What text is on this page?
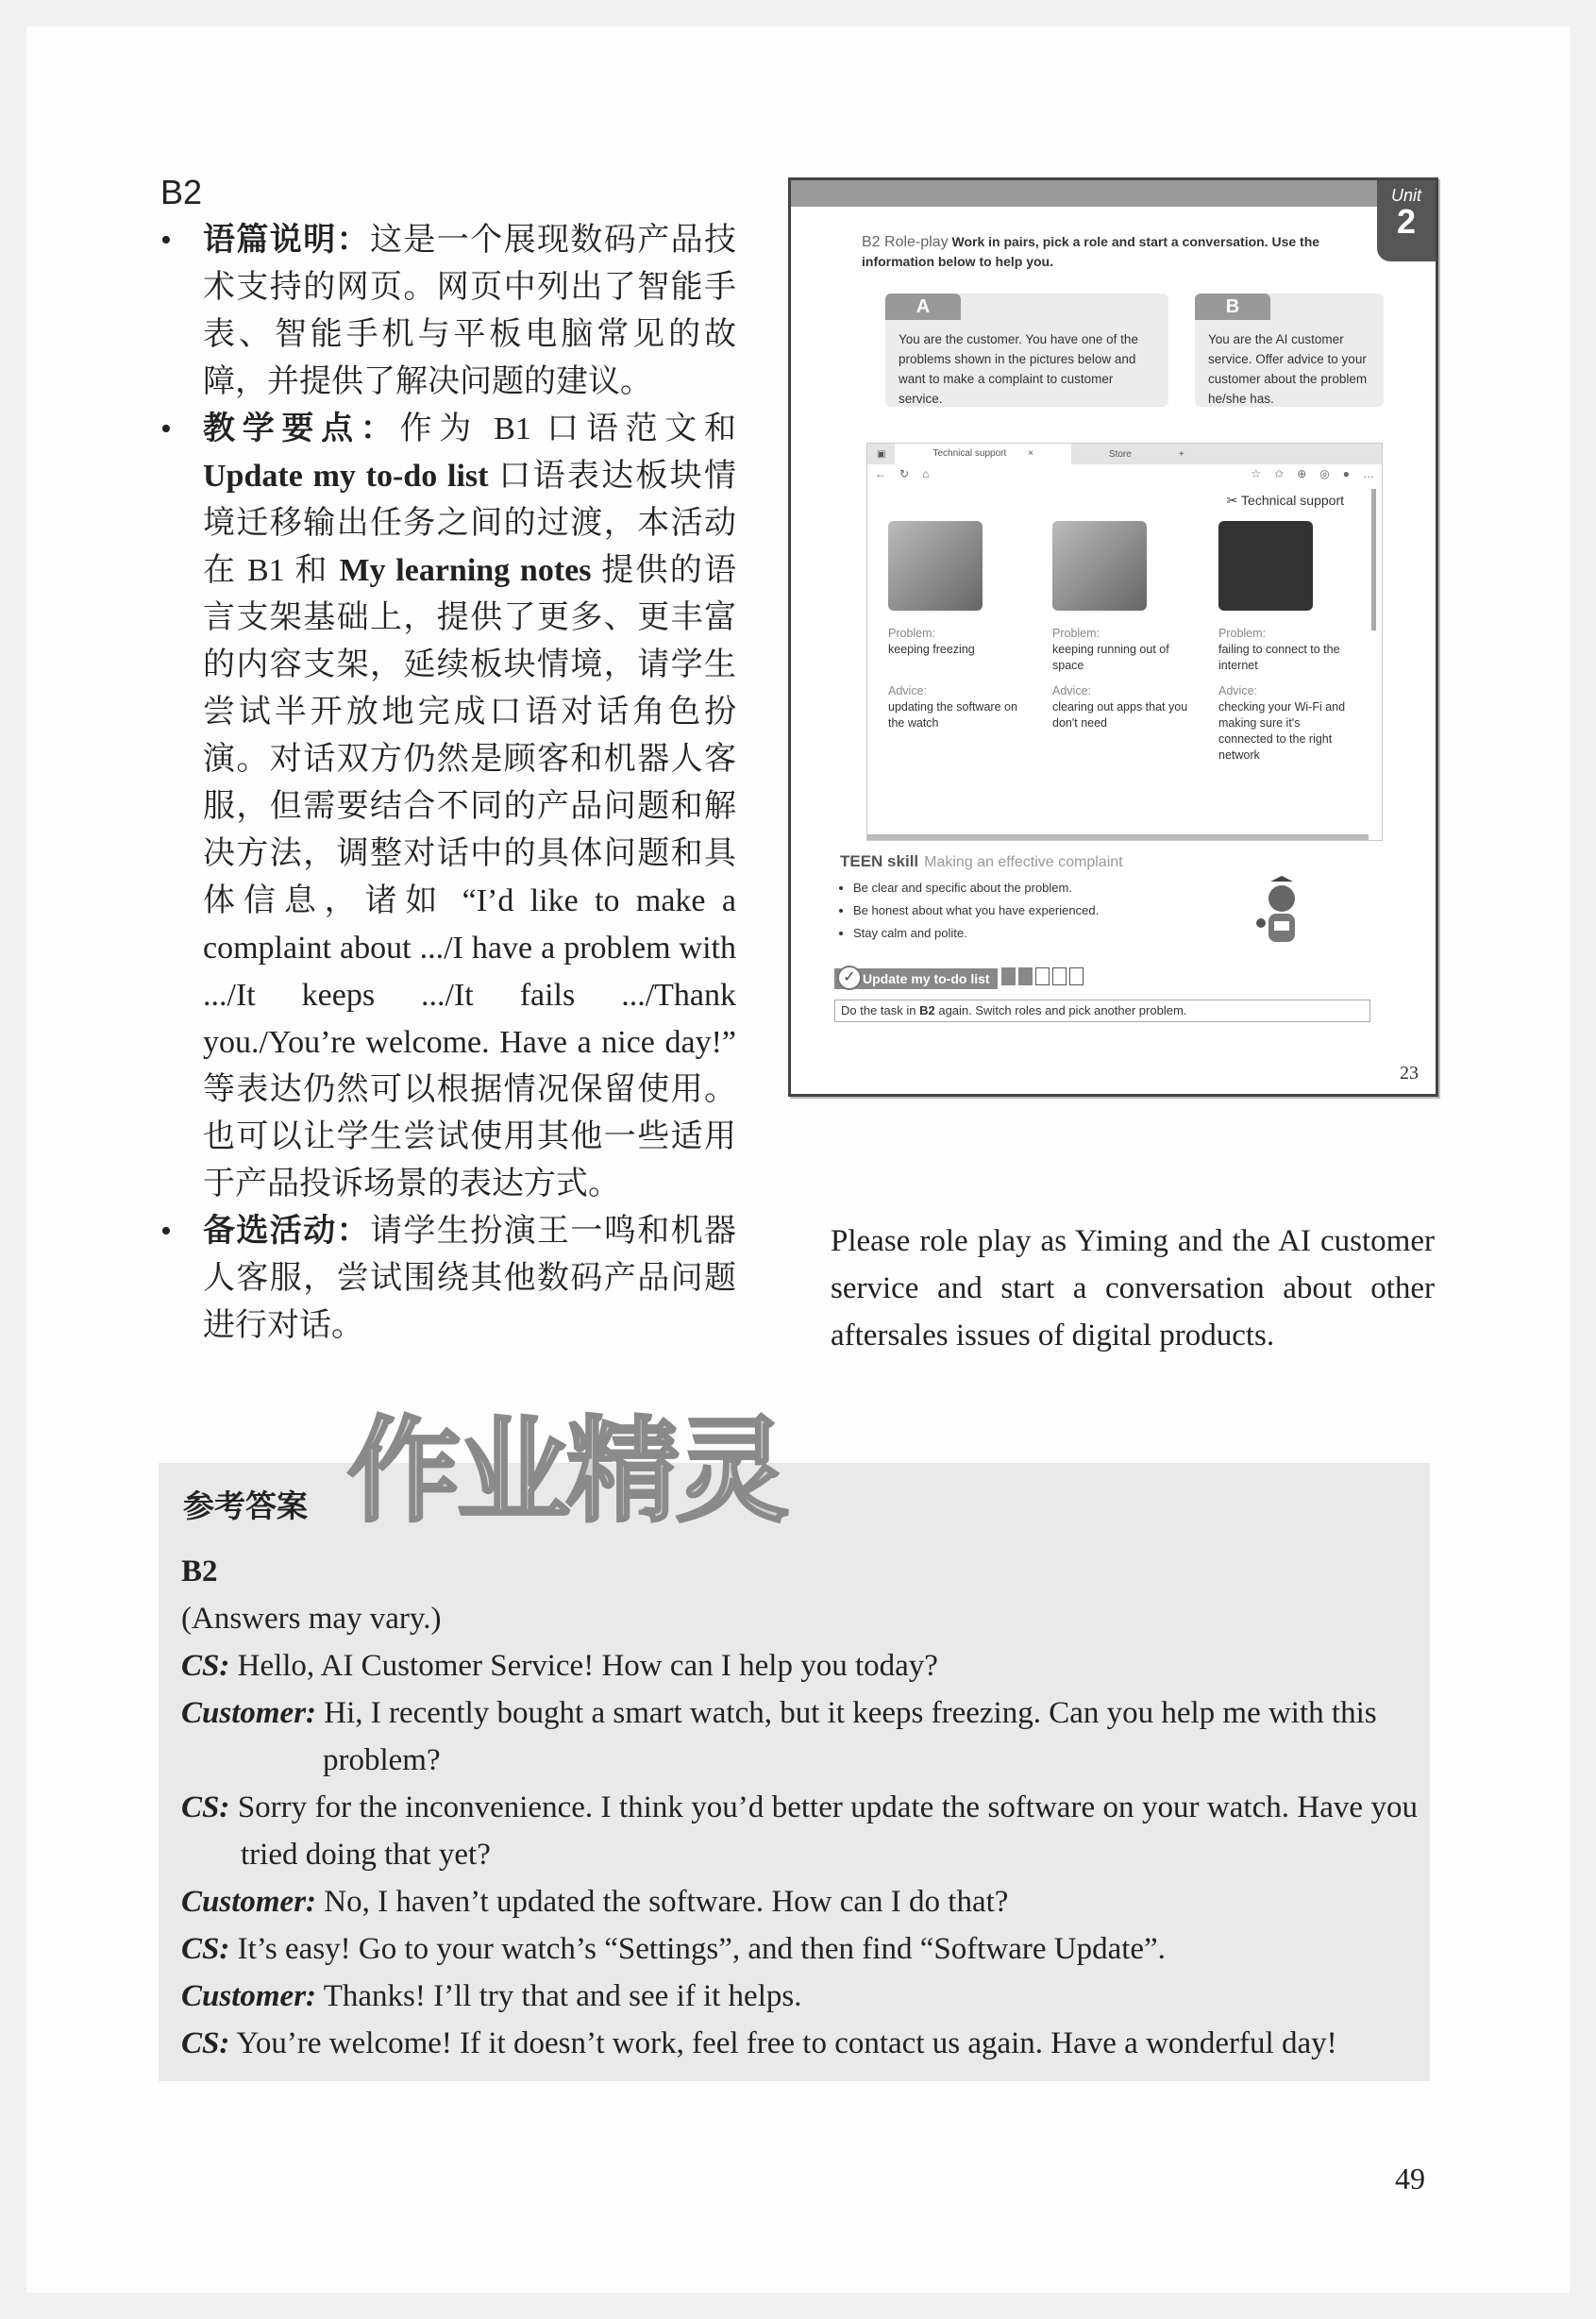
B2
• 语篇说明：这是一个展现数码产品技术支持的网页。网页中列出了智能手表、智能手机与平板电脑常见的故障，并提供了解决问题的建议。
• 教学要点：作为 B1 口语范文和 Update my to-do list 口语表达板块情境迁移输出任务之间的过渡，本活动在 B1 和 My learning notes 提供的语言支架基础上，提供了更多、更丰富的内容支架，延续板块情境，请学生尝试半开放地完成口语对话角色扮演。对话双方仍然是顾客和机器人客服，但需要结合不同的产品问题和解决方法，调整对话中的具体问题和具体信息，诸如 “I’d like to make a complaint about .../I have a problem with .../It keeps .../It fails .../Thank you./You’re welcome. Have a nice day!” 等表达仍然可以根据情况保留使用。也可以让学生尝试使用其他一些适用于产品投诉场景的表达方式。
• 备选活动：请学生扮演王一鸣和机器人客服，尝试围绕其他数码产品问题进行对话。
Unit
2
B2 Role-play Work in pairs, pick a role and start a conversation. Use the information below to help you.
A
You are the customer. You have one of the problems shown in the pictures below and want to make a complaint to customer service.
B
You are the AI customer service. Offer advice to your customer about the problem he/she has.
▣	Technical support ×	Store	+
← ↻ ⌂	☆ ✩ ⊕ ◎ ● …
✂ Technical support
Problem:
keeping freezing
Advice:
updating the software on the watch
Problem:
keeping running out of space
Advice:
clearing out apps that you don't need
Problem:
failing to connect to the internet
Advice:
checking your Wi-Fi and making sure it's connected to the right network
TEEN skill Making an effective complaint
• Be clear and specific about the problem.
• Be honest about what you have experienced.
• Stay calm and polite.
✓ Update my to-do list
Do the task in B2 again. Switch roles and pick another problem.
23
Please role play as Yiming and the AI customer service and start a conversation about other aftersales issues of digital products.
作业精灵
参考答案
B2
(Answers may vary.)
CS: Hello, AI Customer Service! How can I help you today?
Customer: Hi, I recently bought a smart watch, but it keeps freezing. Can you help me with this problem?
CS: Sorry for the inconvenience. I think you’d better update the software on your watch. Have you tried doing that yet?
Customer: No, I haven’t updated the software. How can I do that?
CS: It’s easy! Go to your watch’s “Settings”, and then find “Software Update”.
Customer: Thanks! I’ll try that and see if it helps.
CS: You’re welcome! If it doesn’t work, feel free to contact us again. Have a wonderful day!
49
